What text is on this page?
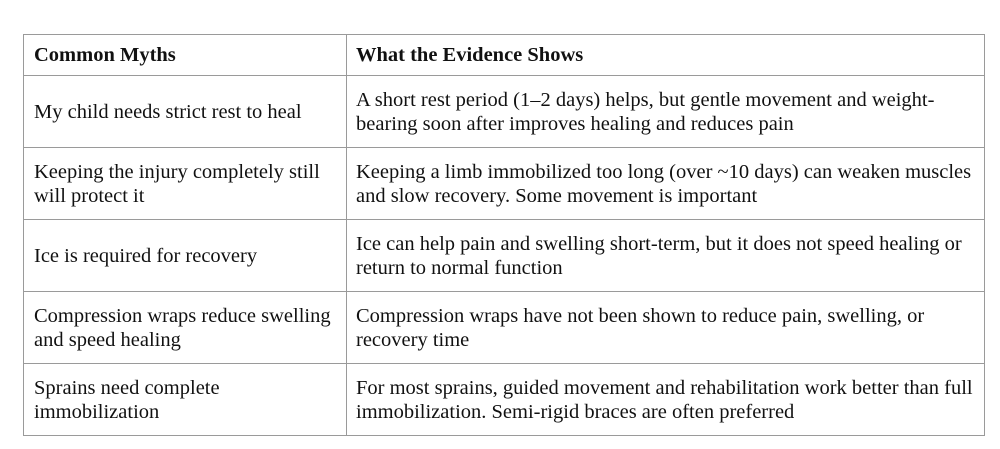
Common Myths	What the Evidence Shows
My child needs strict rest to heal
A short rest period (1–2 days) helps, but gentle movement and weight-bearing soon after improves healing and reduces pain
Keeping the injury completely still will protect it
Keeping a limb immobilized too long (over ~10 days) can weaken muscles and slow recovery. Some movement is important
Ice is required for recovery
Ice can help pain and swelling short-term, but it does not speed healing or return to normal function
Compression wraps reduce swelling and speed healing
Compression wraps have not been shown to reduce pain, swelling, or recovery time
Sprains need complete immobilization
For most sprains, guided movement and rehabilitation work better than full immobilization. Semi-rigid braces are often preferred
